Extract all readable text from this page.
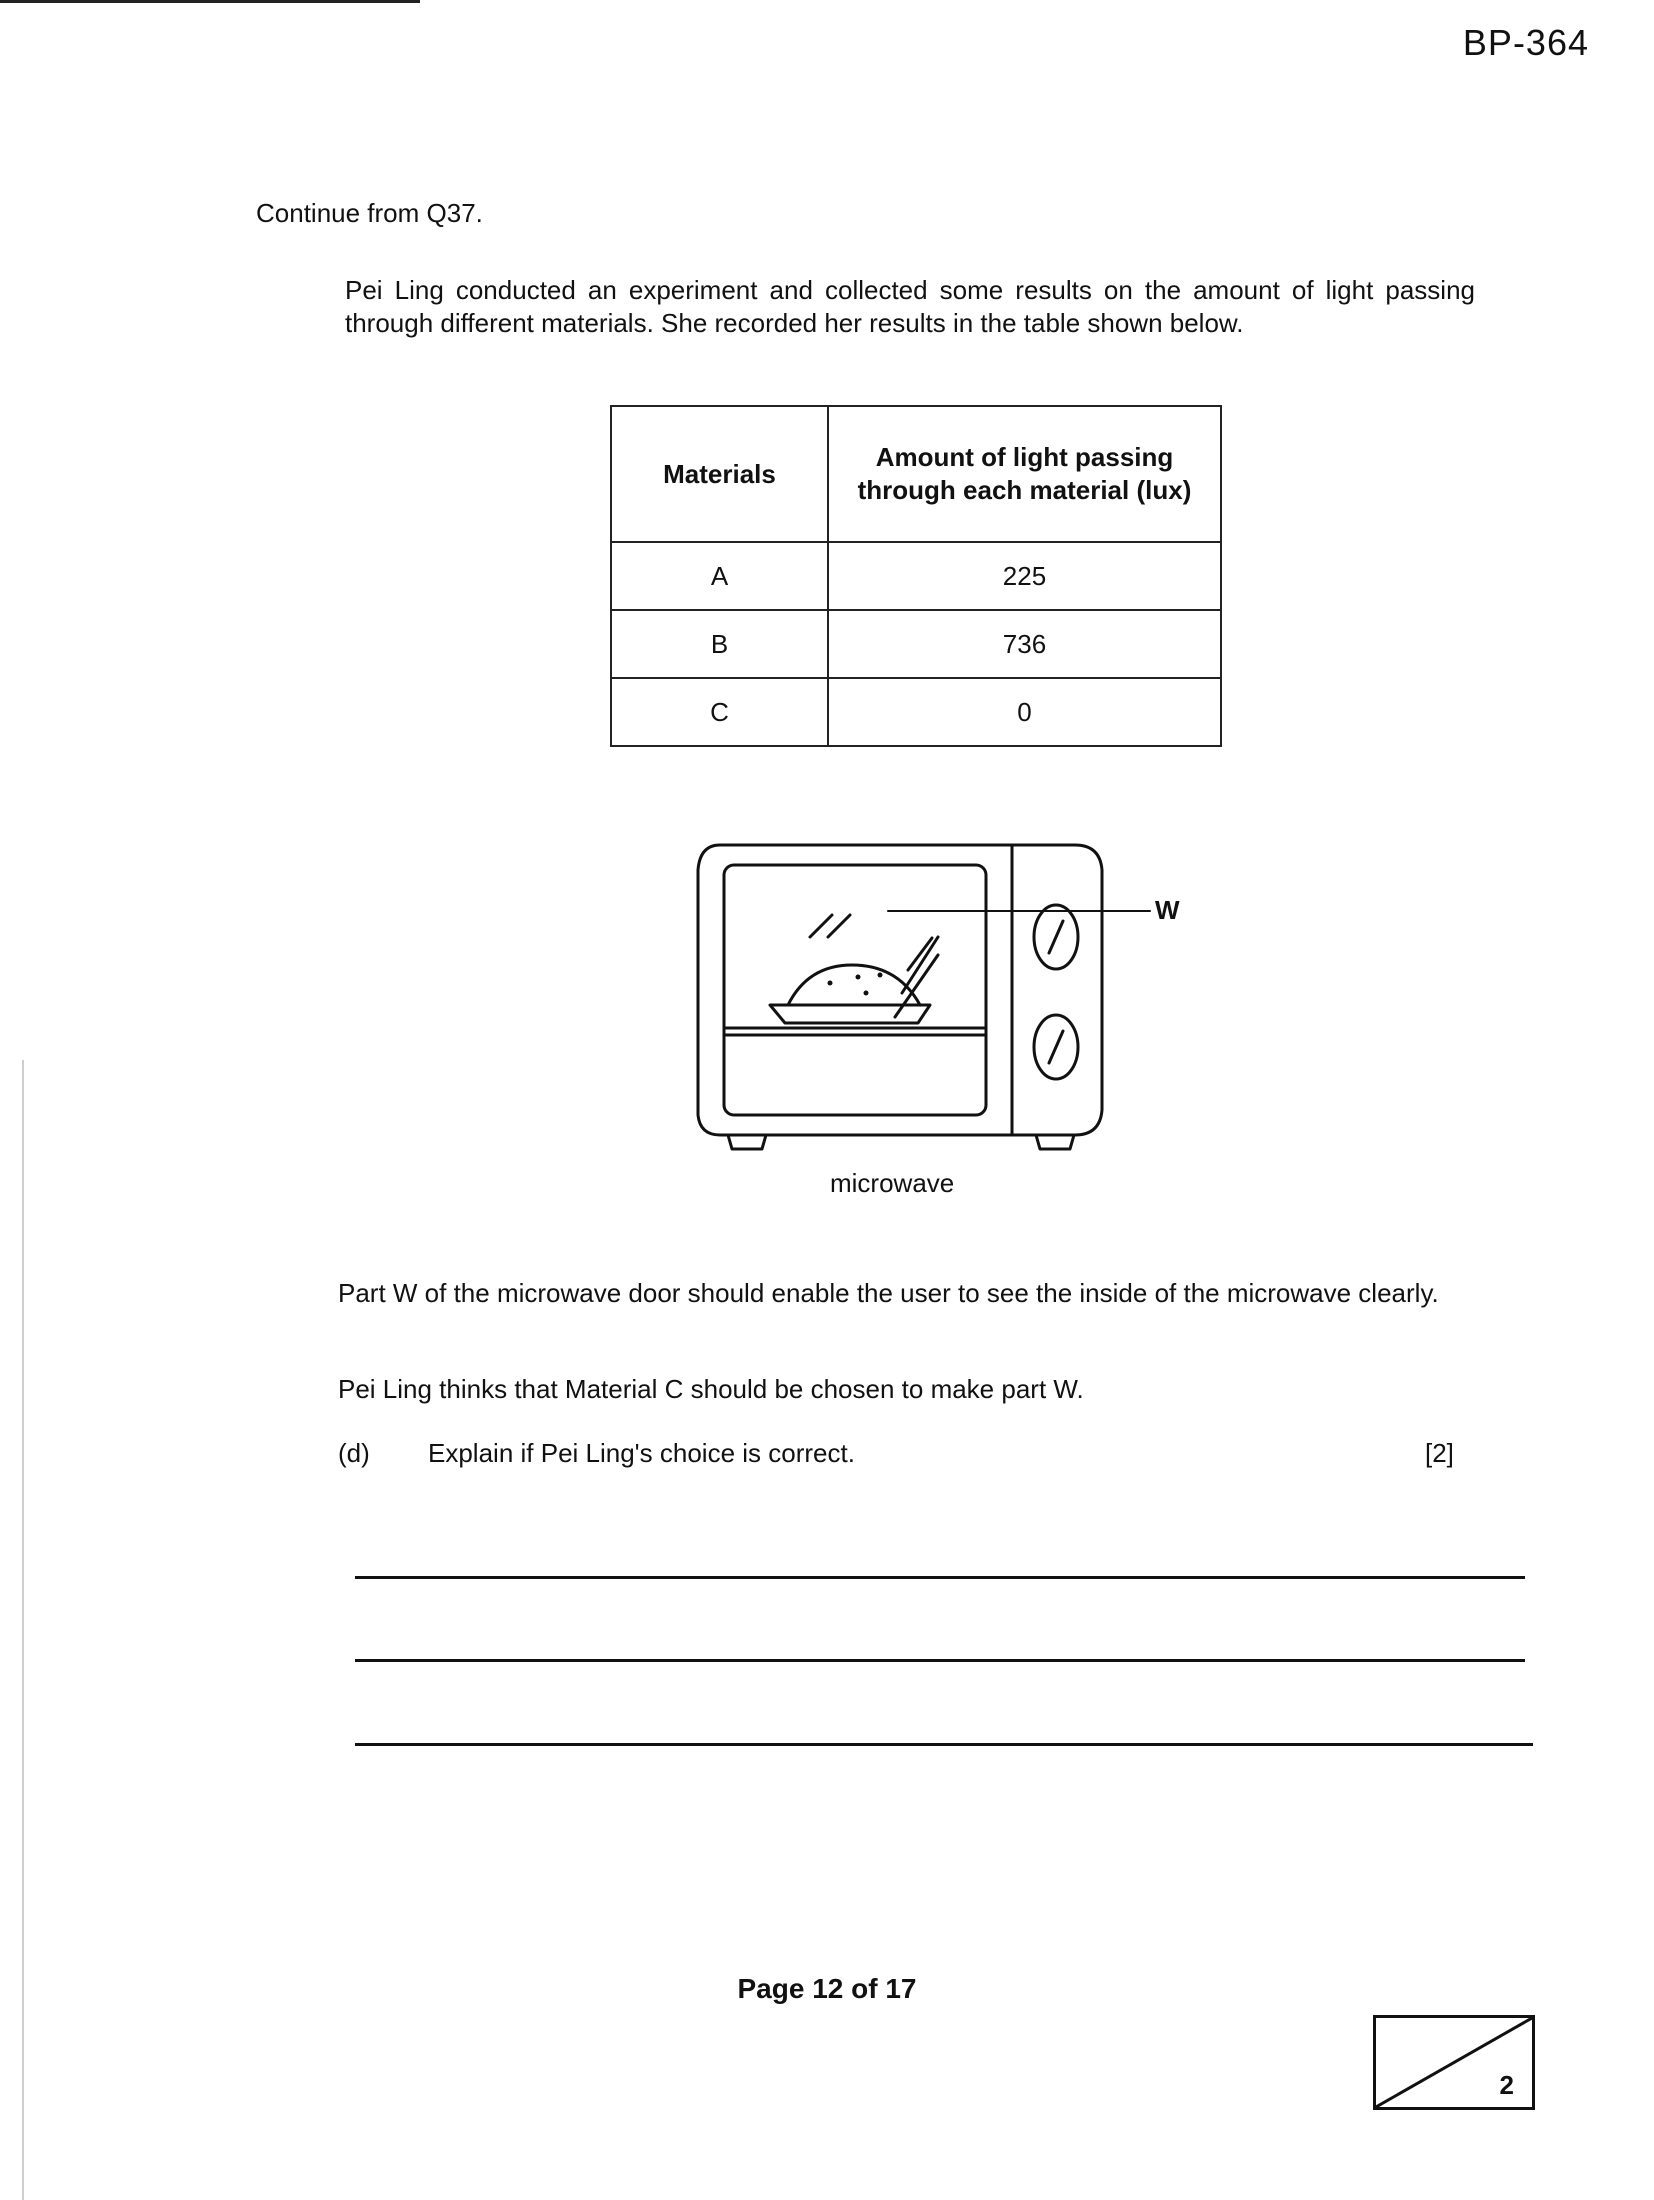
BP-364
Continue from Q37.
Pei Ling conducted an experiment and collected some results on the amount of light passing through different materials. She recorded her results in the table shown below.
Materials	Amount of light passing through each material (lux)

A	225
B	736
C	0
W
microwave
Part W of the microwave door should enable the user to see the inside of the microwave clearly.
Pei Ling thinks that Material C should be chosen to make part W.
(d) Explain if Pei Ling's choice is correct.	[2]
Page 12 of 17
2
